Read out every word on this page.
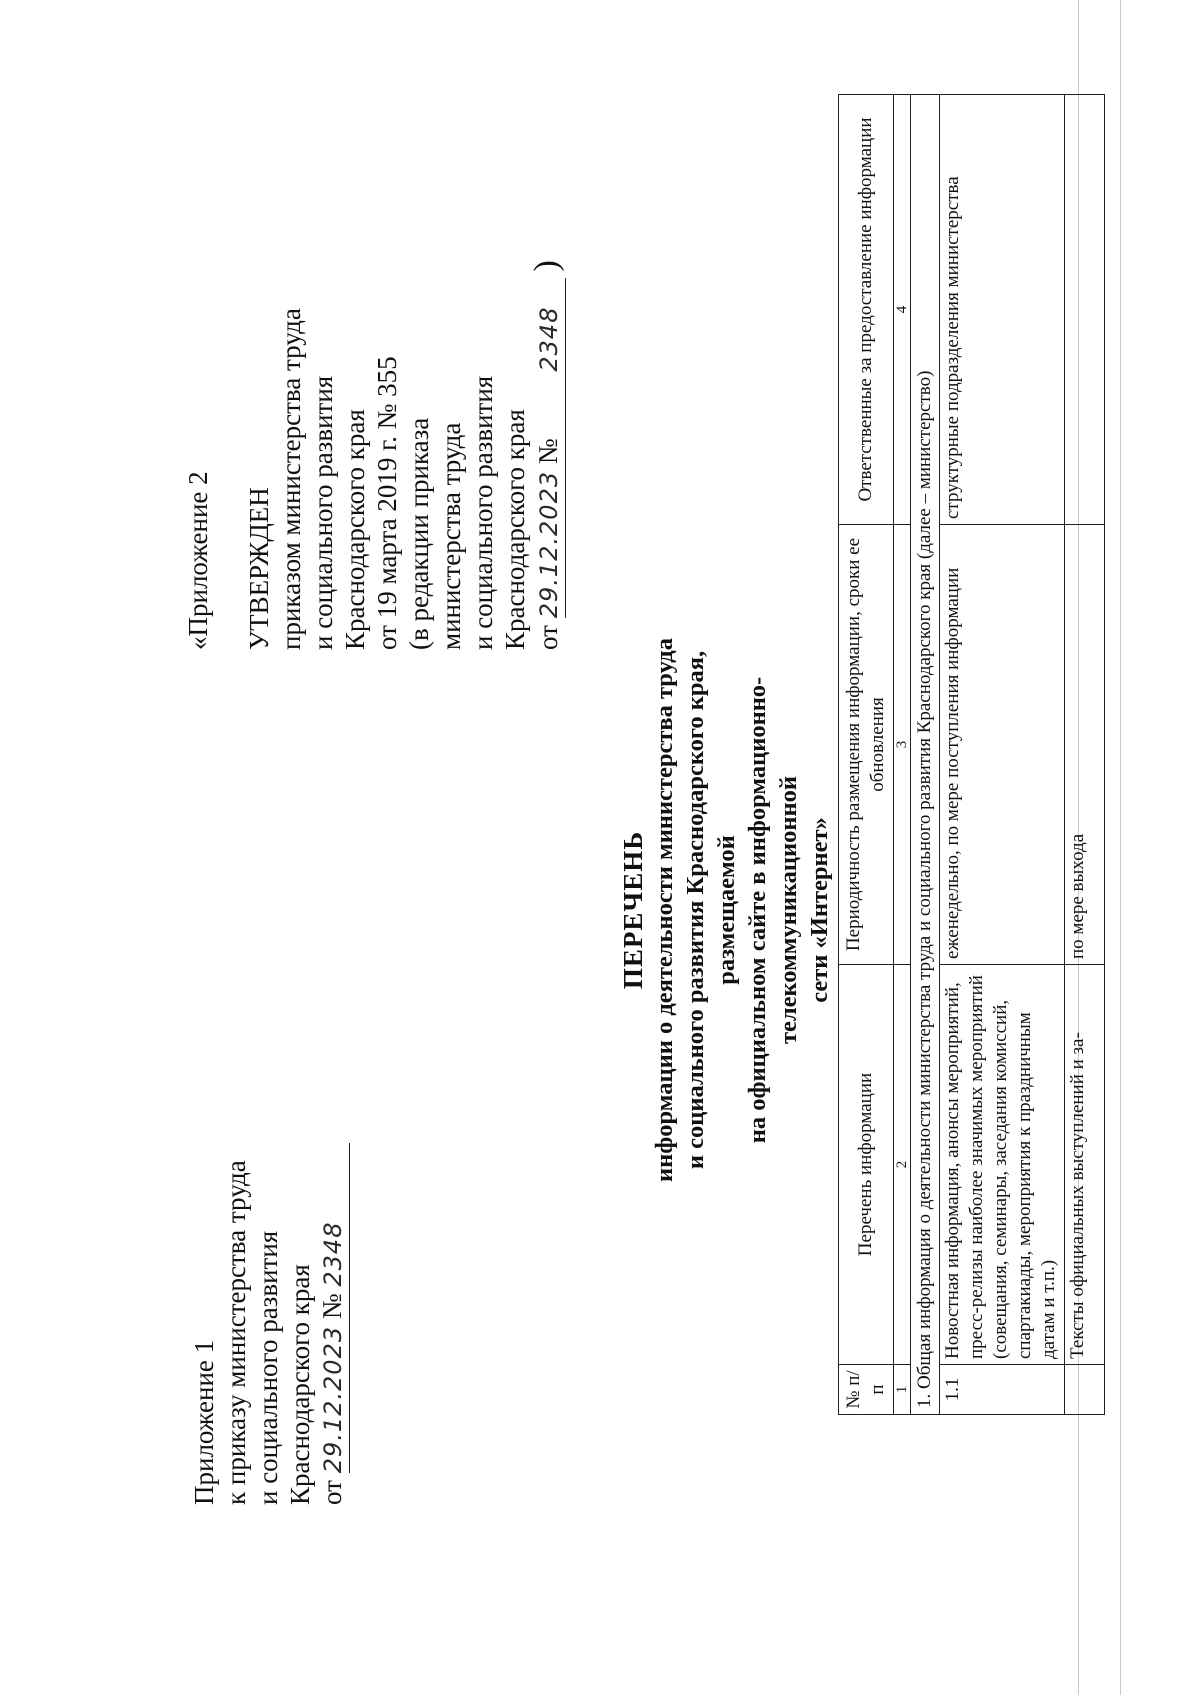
Приложение 1 к приказу министерства труда и социального развития Краснодарского края от 29.12.2023 № 2348
«Приложение 2 УТВЕРЖДЕН приказом министерства труда и социального развития Краснодарского края от 19 марта 2019 г. № 355 (в редакции приказа министерства труда и социального развития Краснодарского края от 29.12.2023 № 2348 )
ПЕРЕЧЕНЬ информации о деятельности министерства труда и социального развития Краснодарского края, размещаемой на официальном сайте в информационно-телекоммуникационной сети «Интернет»
№ п/п	Перечень информации	Периодичность размещения информации, сроки ее обновления	Ответственные за предоставление информации
1	2	3	4
1. Общая информация о деятельности министерства труда и социального развития Краснодарского края (далее – министерство)			
1.1	Новостная информация, анонсы мероприятий, пресс-релизы наиболее значимых мероприятий (совещания, семинары, заседания комиссий, спартакиады, мероприятия к праздничным датам и т.п.)	еженедельно, по мере поступления информации	структурные подразделения министерства
	Тексты официальных выступлений и за-	по мере выхода	
